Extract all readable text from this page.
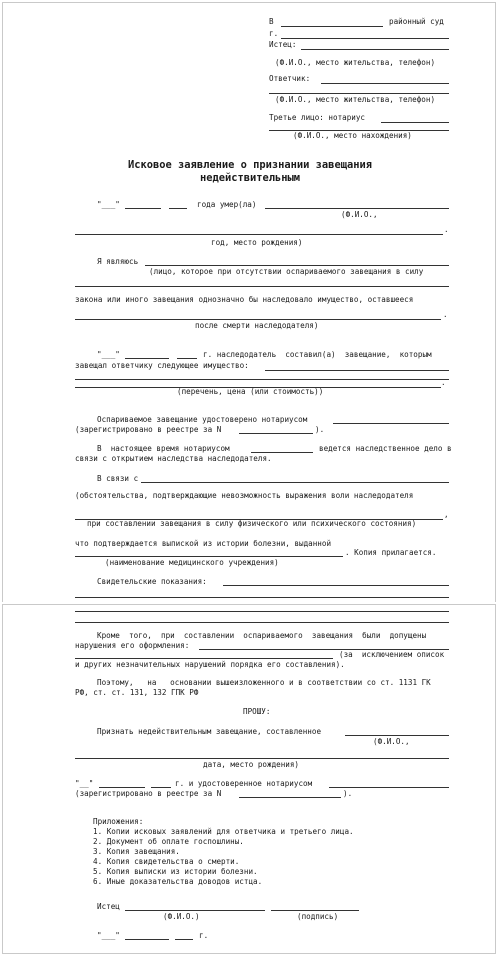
В	районный суд
г.
Истец:
(Ф.И.О., место жительства, телефон)
Ответчик:
(Ф.И.О., место жительства, телефон)
Третье лицо: нотариус
(Ф.И.О., место нахождения)
Исковое заявление о признании завещания
недействительным
"___"	года умер(ла)
(Ф.И.О.,
.
год, место рождения)
Я являюсь
(лицо, которое при отсутствии оспариваемого завещания в силу
закона или иного завещания однозначно бы наследовало имущество, оставшееся
.
после смерти наследодателя)
"___"	г. наследодатель  составил(а)  завещание,  которым
завещал ответчику следующее имущество:
.
(перечень, цена (или стоимость))
Оспариваемое завещание удостоверено нотариусом
(зарегистрировано в реестре за N	).
В  настоящее время нотариусом	ведется наследственное дело в
связи с открытием наследства наследодателя.
В связи с
(обстоятельства, подтверждающие невозможность выражения воли наследодателя
,
при составлении завещания в силу физического или психического состояния)
что подтверждается выпиской из истории болезни, выданной
. Копия прилагается.
(наименование медицинского учреждения)
Свидетельские показания:
Кроме  того,  при  составлении  оспариваемого  завещания  были  допущены
нарушения его оформления:
(за  исключением описок
и других незначительных нарушений порядка его составления).
Поэтому,   на   основании вышеизложенного и в соответствии со ст. 1131 ГК
РФ, ст. ст. 131, 132 ГПК РФ
ПРОШУ:
Признать недействительным завещание, составленное
(Ф.И.О.,
дата, место рождения)
"__"	г. и удостоверенное нотариусом
(зарегистрировано в реестре за N	).
Приложения:
1. Копии исковых заявлений для ответчика и третьего лица.
2. Документ об оплате госпошлины.
3. Копия завещания.
4. Копия свидетельства о смерти.
5. Копия выписки из истории болезни.
6. Иные доказательства доводов истца.
Истец
(Ф.И.О.)	(подпись)
"___"	г.
